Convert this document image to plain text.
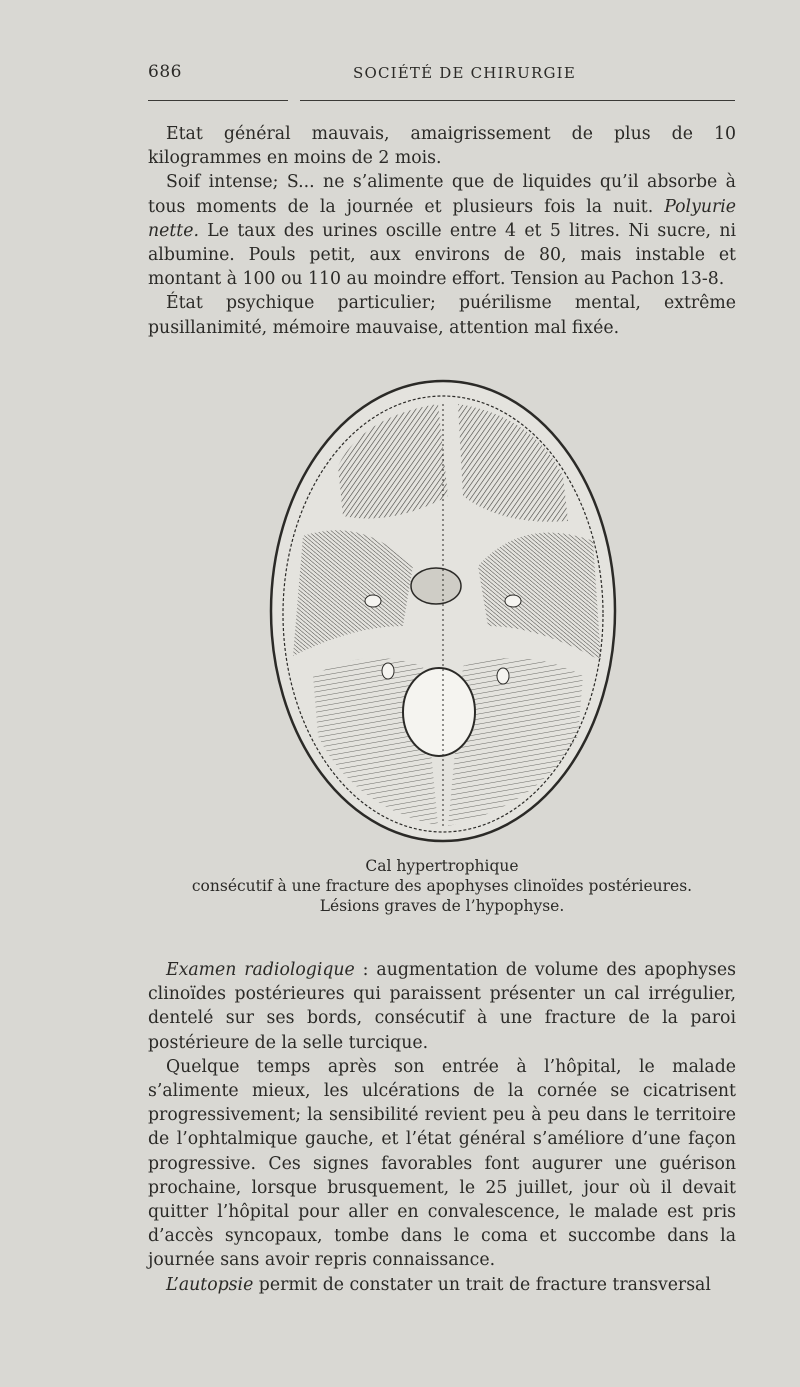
686	SOCIÉTÉ DE CHIRURGIE

Etat général mauvais, amaigrissement de plus de 10 kilogrammes en moins de 2 mois.

Soif intense; S... ne s’alimente que de liquides qu’il absorbe à tous moments de la journée et plusieurs fois la nuit. Polyurie nette. Le taux des urines oscille entre 4 et 5 litres. Ni sucre, ni albumine. Pouls petit, aux environs de 80, mais instable et montant à 100 ou 110 au moindre effort. Tension au Pachon 13-8.

État psychique particulier; puérilisme mental, extrême pusillanimité, mémoire mauvaise, attention mal fixée.

Cal hypertrophique
consécutif à une fracture des apophyses clinoïdes postérieures.
Lésions graves de l’hypophyse.

Examen radiologique : augmentation de volume des apophyses clinoïdes postérieures qui paraissent présenter un cal irrégulier, dentelé sur ses bords, consécutif à une fracture de la paroi postérieure de la selle turcique.

Quelque temps après son entrée à l’hôpital, le malade s’alimente mieux, les ulcérations de la cornée se cicatrisent progressivement; la sensibilité revient peu à peu dans le territoire de l’ophtalmique gauche, et l’état général s’améliore d’une façon progressive. Ces signes favorables font augurer une guérison prochaine, lorsque brusquement, le 25 juillet, jour où il devait quitter l’hôpital pour aller en convalescence, le malade est pris d’accès syncopaux, tombe dans le coma et succombe dans la journée sans avoir repris connaissance.

L’autopsie permit de constater un trait de fracture transversal
